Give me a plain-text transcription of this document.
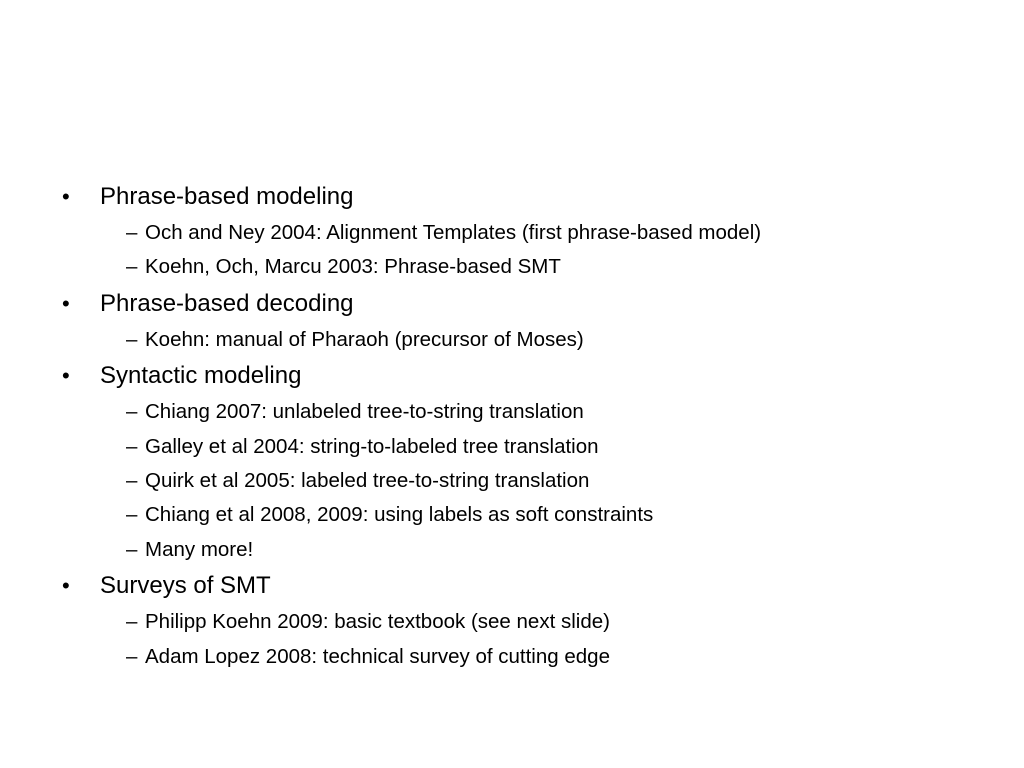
•	Phrase-based modeling
– Och and Ney 2004: Alignment Templates (first phrase-based model)
– Koehn, Och, Marcu 2003: Phrase-based SMT
•	Phrase-based decoding
– Koehn: manual of Pharaoh (precursor of Moses)
•	Syntactic modeling
– Chiang 2007: unlabeled tree-to-string translation
– Galley et al 2004: string-to-labeled tree translation
– Quirk et al 2005: labeled tree-to-string translation
– Chiang et al 2008, 2009: using labels as soft constraints
– Many more!
•	Surveys of SMT
– Philipp Koehn 2009: basic textbook (see next slide)
– Adam Lopez 2008: technical survey of cutting edge
